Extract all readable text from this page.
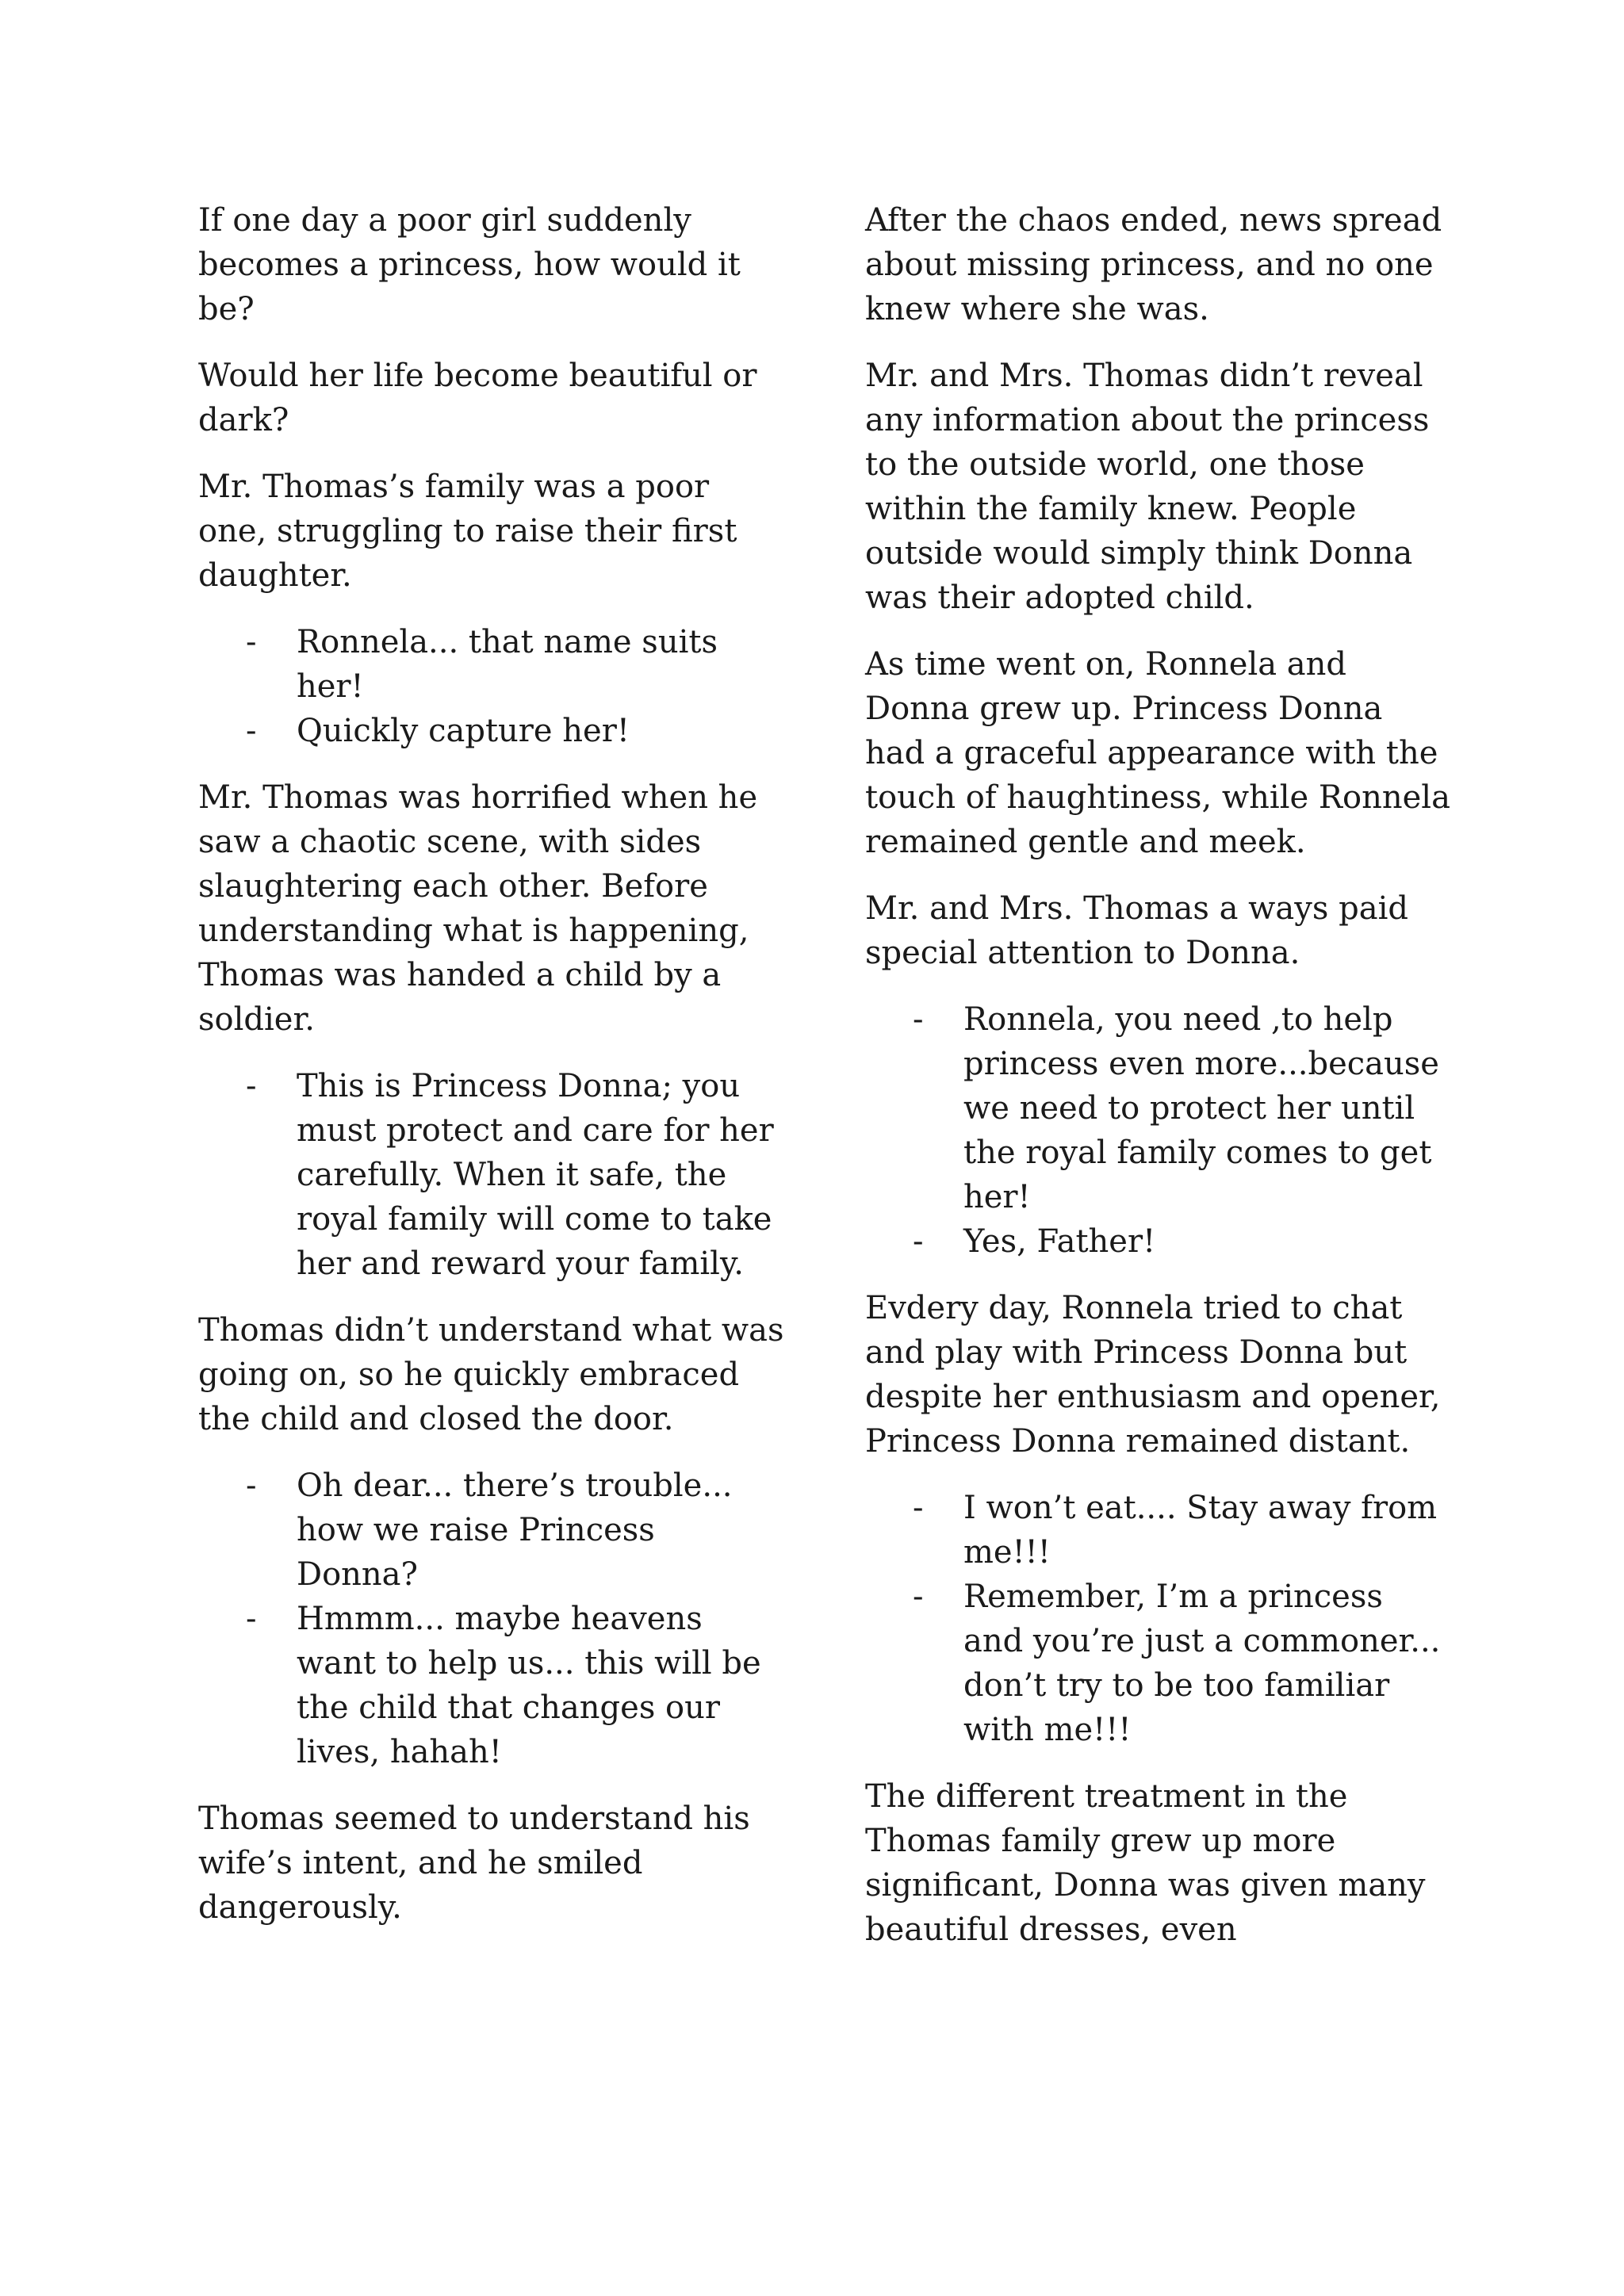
If one day a poor girl suddenly becomes a princess, how would it be?

Would her life become beautiful or dark?

Mr. Thomas’s family was a poor one, struggling to raise their first daughter.

- Ronnela... that name suits her!
- Quickly capture her!

Mr. Thomas was horrified when he saw a chaotic scene, with sides slaughtering each other. Before understanding what is happening, Thomas was handed a child by a soldier.

- This is Princess Donna; you must protect and care for her carefully. When it safe, the royal family will come to take her and reward your family.

Thomas didn’t understand what was going on, so he quickly embraced the child and closed the door.

- Oh dear... there’s trouble... how we raise Princess Donna?
- Hmmm... maybe heavens want to help us... this will be the child that changes our lives, hahah!

Thomas seemed to understand his wife’s intent, and he smiled dangerously.

After the chaos ended, news spread about missing princess, and no one knew where she was.

Mr. and Mrs. Thomas didn’t reveal any information about the princess to the outside world, one those within the family knew. People outside would simply think Donna was their adopted child.

As time went on, Ronnela and Donna grew up. Princess Donna had a graceful appearance with the touch of haughtiness, while Ronnela remained gentle and meek.

Mr. and Mrs. Thomas a ways paid special attention to Donna.

- Ronnela, you need ,to help princess even more...because we need to protect her until the royal family comes to get her!
- Yes, Father!

Evdery day, Ronnela tried to chat and play with Princess Donna but despite her enthusiasm and opener, Princess Donna remained distant.

- I won’t eat.... Stay away from me!!!
- Remember, I’m a princess and you’re just a commoner... don’t try to be too familiar with me!!!

The different treatment in the Thomas family grew up more significant, Donna was given many beautiful dresses, even
